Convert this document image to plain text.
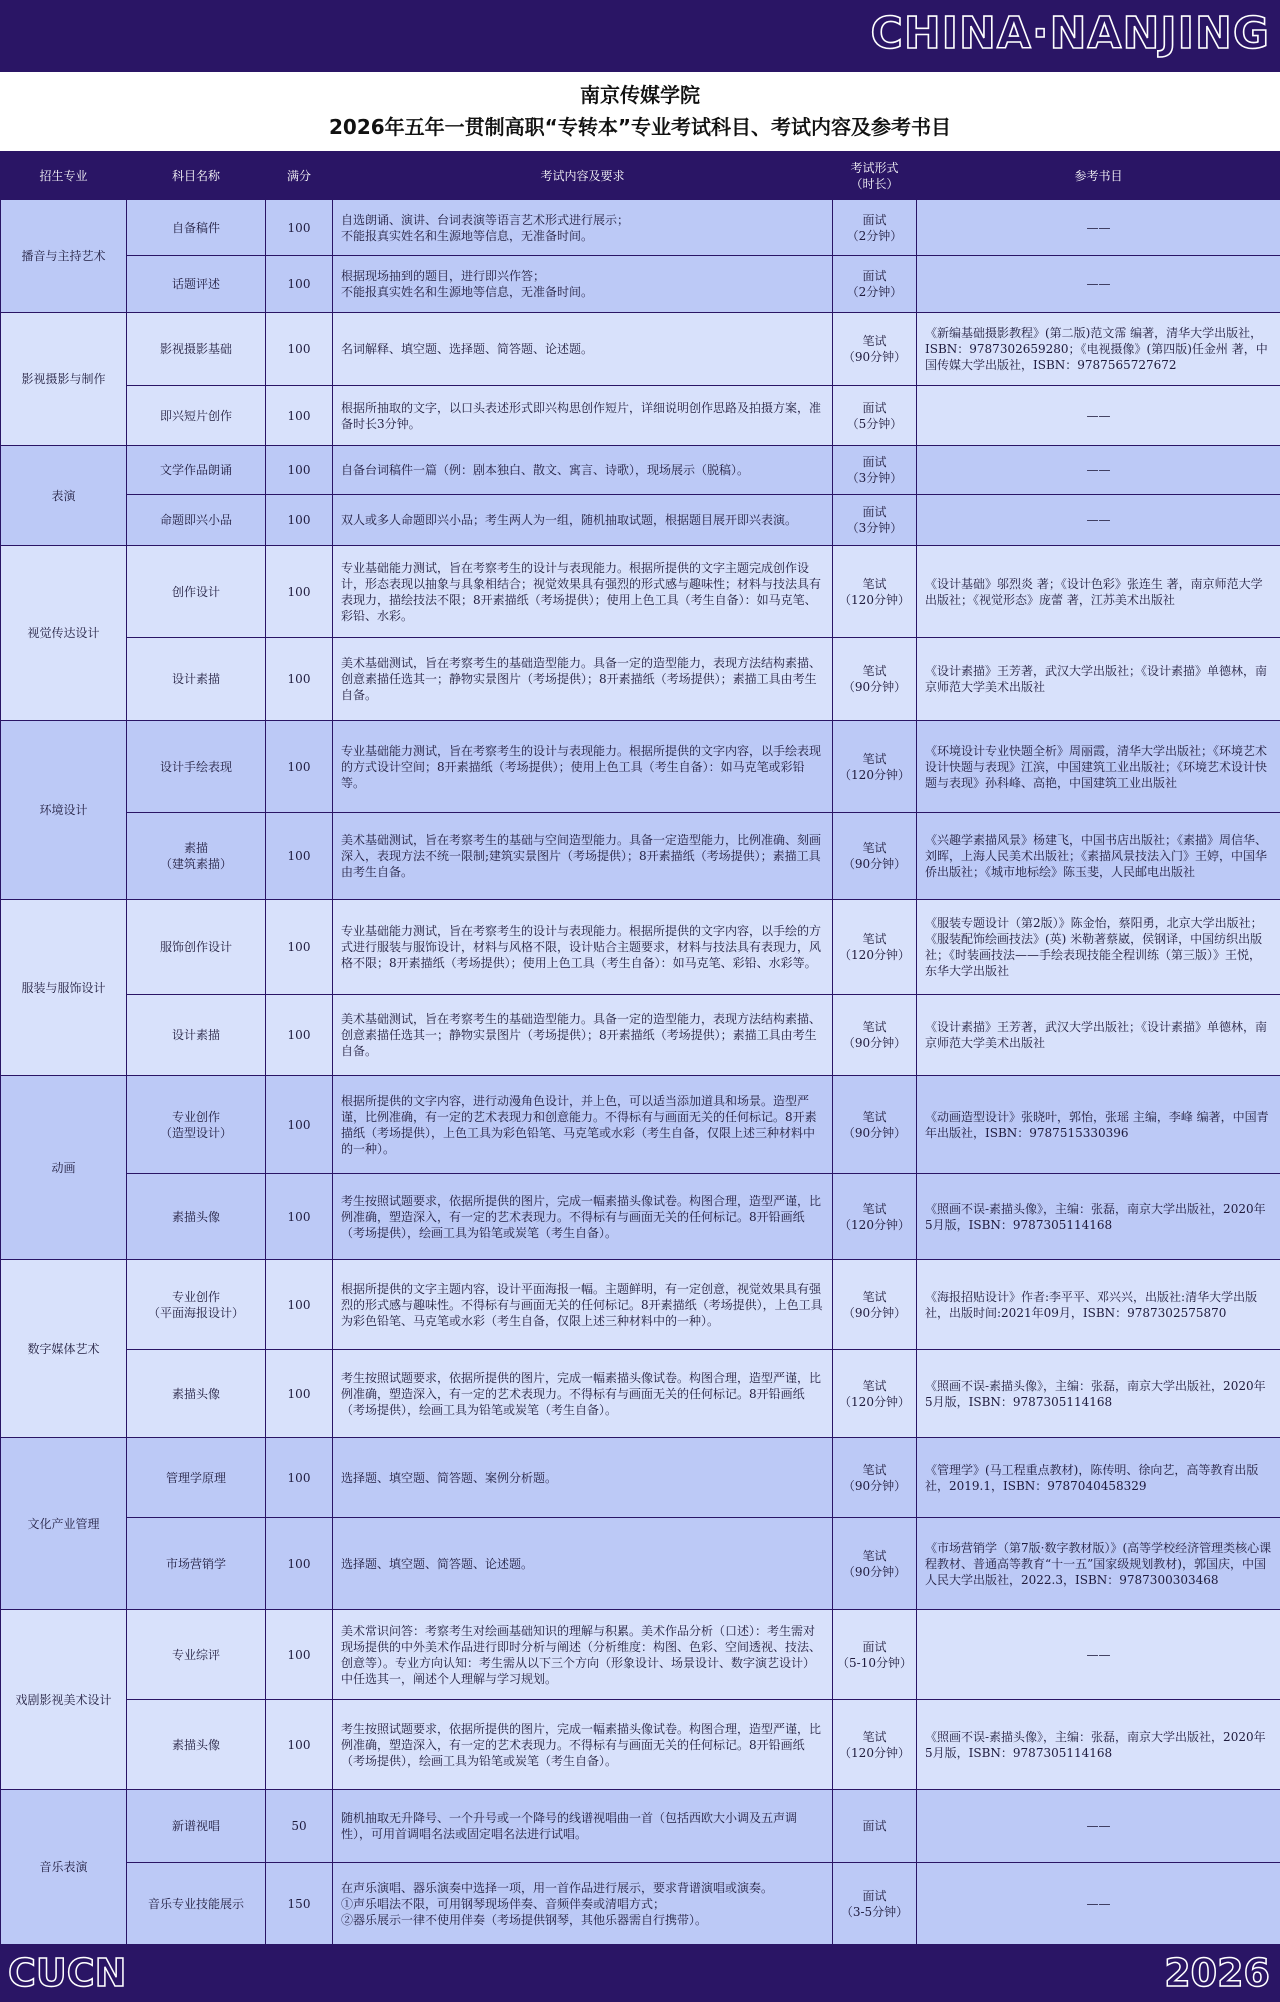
CHINA·NANJING
南京传媒学院
2026年五年一贯制高职“专转本”专业考试科目、考试内容及参考书目
招生专业	科目名称	满分	考试内容及要求	考试形式
（时长）	参考书目
播音与主持艺术	自备稿件	100	自选朗诵、演讲、台词表演等语言艺术形式进行展示；
不能报真实姓名和生源地等信息，无准备时间。	面试
（2分钟）	——
	话题评述	100	根据现场抽到的题目，进行即兴作答；
不能报真实姓名和生源地等信息，无准备时间。	面试
（2分钟）	——
影视摄影与制作	影视摄影基础	100	名词解释、填空题、选择题、简答题、论述题。	笔试
（90分钟）	《新编基础摄影教程》(第二版)范文霈 编著，清华大学出版社，ISBN：9787302659280；《电视摄像》(第四版)任金州 著，中国传媒大学出版社，ISBN：9787565727672
	即兴短片创作	100	根据所抽取的文字，以口头表述形式即兴构思创作短片，详细说明创作思路及拍摄方案，准备时长3分钟。	面试
（5分钟）	——
表演	文学作品朗诵	100	自备台词稿件一篇（例：剧本独白、散文、寓言、诗歌），现场展示（脱稿）。	面试
（3分钟）	——
	命题即兴小品	100	双人或多人命题即兴小品；考生两人为一组，随机抽取试题，根据题目展开即兴表演。	面试
（3分钟）	——
视觉传达设计	创作设计	100	专业基础能力测试，旨在考察考生的设计与表现能力。根据所提供的文字主题完成创作设计，形态表现以抽象与具象相结合；视觉效果具有强烈的形式感与趣味性；材料与技法具有表现力，描绘技法不限；8开素描纸（考场提供）；使用上色工具（考生自备）：如马克笔、彩铅、水彩。	笔试
（120分钟）	《设计基础》邬烈炎 著；《设计色彩》张连生 著，南京师范大学出版社；《视觉形态》庞蕾 著，江苏美术出版社
	设计素描	100	美术基础测试，旨在考察考生的基础造型能力。具备一定的造型能力，表现方法结构素描、创意素描任选其一；静物实景图片（考场提供）；8开素描纸（考场提供）；素描工具由考生自备。	笔试
（90分钟）	《设计素描》王芳著，武汉大学出版社；《设计素描》单德林，南京师范大学美术出版社
环境设计	设计手绘表现	100	专业基础能力测试，旨在考察考生的设计与表现能力。根据所提供的文字内容，以手绘表现的方式设计空间；8开素描纸（考场提供）；使用上色工具（考生自备）：如马克笔或彩铅等。	笔试
（120分钟）	《环境设计专业快题全析》周丽霞，清华大学出版社；《环境艺术设计快题与表现》江滨，中国建筑工业出版社；《环境艺术设计快题与表现》孙科峰、高艳，中国建筑工业出版社
	素描
（建筑素描）	100	美术基础测试，旨在考察考生的基础与空间造型能力。具备一定造型能力，比例准确、刻画深入，表现方法不统一限制;建筑实景图片（考场提供）；8开素描纸（考场提供）；素描工具由考生自备。	笔试
（90分钟）	《兴趣学素描风景》杨建飞，中国书店出版社；《素描》周信华、刘晖，上海人民美术出版社；《素描风景技法入门》王婷，中国华侨出版社；《城市地标绘》陈玉斐，人民邮电出版社
服装与服饰设计	服饰创作设计	100	专业基础能力测试，旨在考察考生的设计与表现能力。根据所提供的文字内容，以手绘的方式进行服装与服饰设计，材料与风格不限，设计贴合主题要求，材料与技法具有表现力，风格不限；8开素描纸（考场提供）；使用上色工具（考生自备）：如马克笔、彩铅、水彩等。	笔试
（120分钟）	《服装专题设计（第2版）》陈金怡，蔡阳勇，北京大学出版社；《服装配饰绘画技法》(英) 米勒著蔡崴，侯钢译，中国纺织出版社；《时装画技法——手绘表现技能全程训练（第三版）》王悦，东华大学出版社
	设计素描	100	美术基础测试，旨在考察考生的基础造型能力。具备一定的造型能力，表现方法结构素描、创意素描任选其一；静物实景图片（考场提供）；8开素描纸（考场提供）；素描工具由考生自备。	笔试
（90分钟）	《设计素描》王芳著，武汉大学出版社；《设计素描》单德林，南京师范大学美术出版社
动画	专业创作
（造型设计）	100	根据所提供的文字内容，进行动漫角色设计，并上色，可以适当添加道具和场景。造型严谨，比例准确，有一定的艺术表现力和创意能力。不得标有与画面无关的任何标记。8开素描纸（考场提供），上色工具为彩色铅笔、马克笔或水彩（考生自备，仅限上述三种材料中的一种）。	笔试
（90分钟）	《动画造型设计》张晓叶，郭怡，张瑶 主编，李峰 编著，中国青年出版社，ISBN：9787515330396
	素描头像	100	考生按照试题要求，依据所提供的图片，完成一幅素描头像试卷。构图合理，造型严谨，比例准确，塑造深入，有一定的艺术表现力。不得标有与画面无关的任何标记。8开铅画纸（考场提供），绘画工具为铅笔或炭笔（考生自备）。	笔试
（120分钟）	《照画不误-素描头像》，主编：张磊，南京大学出版社，2020年5月版，ISBN：9787305114168
数字媒体艺术	专业创作
（平面海报设计）	100	根据所提供的文字主题内容，设计平面海报一幅。主题鲜明，有一定创意，视觉效果具有强烈的形式感与趣味性。不得标有与画面无关的任何标记。8开素描纸（考场提供），上色工具为彩色铅笔、马克笔或水彩（考生自备，仅限上述三种材料中的一种）。	笔试
（90分钟）	《海报招贴设计》作者:李平平、邓兴兴，出版社:清华大学出版社，出版时间:2021年09月，ISBN：9787302575870
	素描头像	100	考生按照试题要求，依据所提供的图片，完成一幅素描头像试卷。构图合理，造型严谨，比例准确，塑造深入，有一定的艺术表现力。不得标有与画面无关的任何标记。8开铅画纸（考场提供），绘画工具为铅笔或炭笔（考生自备）。	笔试
（120分钟）	《照画不误-素描头像》，主编：张磊，南京大学出版社，2020年5月版，ISBN：9787305114168
文化产业管理	管理学原理	100	选择题、填空题、简答题、案例分析题。	笔试
（90分钟）	《管理学》(马工程重点教材)，陈传明、徐向艺，高等教育出版社，2019.1，ISBN：9787040458329
	市场营销学	100	选择题、填空题、简答题、论述题。	笔试
（90分钟）	《市场营销学（第7版·数字教材版）》(高等学校经济管理类核心课程教材、普通高等教育“十一五”国家级规划教材)，郭国庆，中国人民大学出版社，2022.3，ISBN：9787300303468
戏剧影视美术设计	专业综评	100	美术常识问答：考察考生对绘画基础知识的理解与积累。美术作品分析（口述）：考生需对现场提供的中外美术作品进行即时分析与阐述（分析维度：构图、色彩、空间透视、技法、创意等）。专业方向认知：考生需从以下三个方向（形象设计、场景设计、数字演艺设计）中任选其一，阐述个人理解与学习规划。	面试
（5-10分钟）	——
	素描头像	100	考生按照试题要求，依据所提供的图片，完成一幅素描头像试卷。构图合理，造型严谨，比例准确，塑造深入，有一定的艺术表现力。不得标有与画面无关的任何标记。8开铅画纸（考场提供），绘画工具为铅笔或炭笔（考生自备）。	笔试
（120分钟）	《照画不误-素描头像》，主编：张磊，南京大学出版社，2020年5月版，ISBN：9787305114168
音乐表演	新谱视唱	50	随机抽取无升降号、一个升号或一个降号的线谱视唱曲一首（包括西欧大小调及五声调性），可用首调唱名法或固定唱名法进行试唱。	面试	——
	音乐专业技能展示	150	在声乐演唱、器乐演奏中选择一项，用一首作品进行展示，要求背谱演唱或演奏。
①声乐唱法不限，可用钢琴现场伴奏、音频伴奏或清唱方式；
②器乐展示一律不使用伴奏（考场提供钢琴，其他乐器需自行携带）。	面试
（3-5分钟）	——
CUCN	2026
